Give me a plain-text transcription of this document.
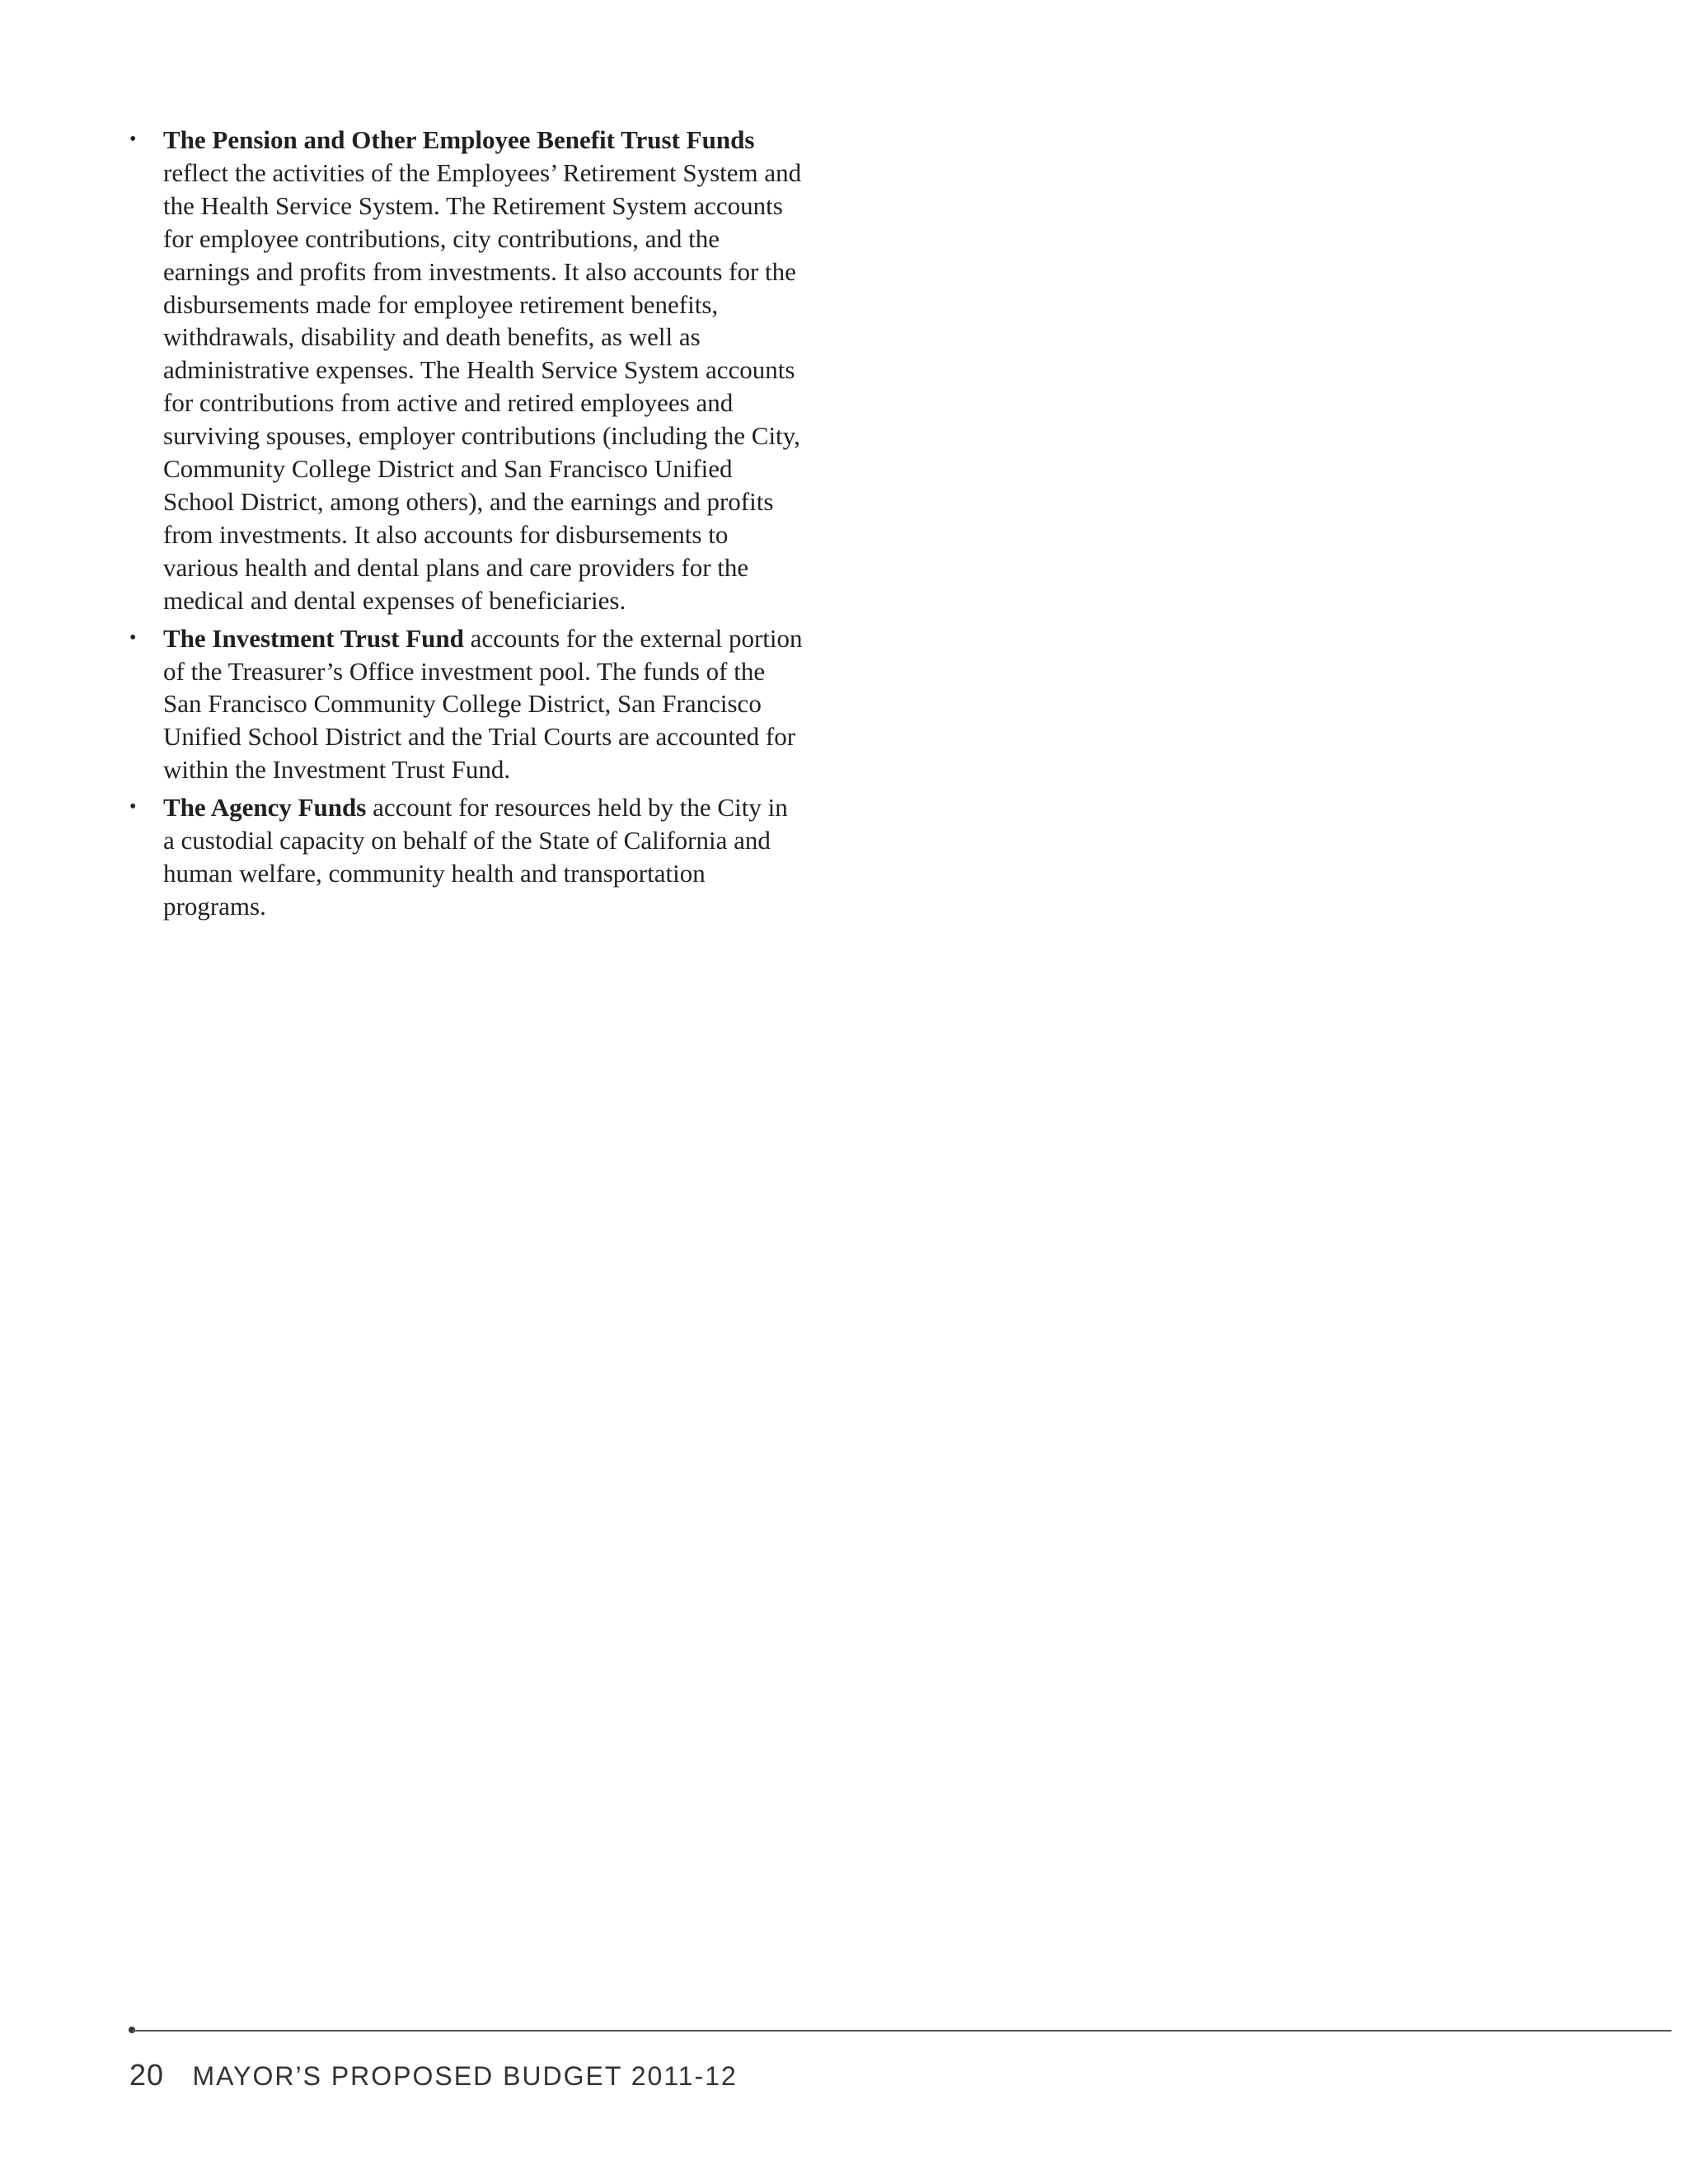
• The Pension and Other Employee Benefit Trust Funds reflect the activities of the Employees’ Retirement System and the Health Service System. The Retirement System accounts for employee contributions, city contributions, and the earnings and profits from investments. It also accounts for the disbursements made for employee retirement benefits, withdrawals, disability and death benefits, as well as administrative expenses. The Health Service System accounts for contributions from active and retired employees and surviving spouses, employer contributions (including the City, Community College District and San Francisco Unified School District, among others), and the earnings and profits from investments. It also accounts for disbursements to various health and dental plans and care providers for the medical and dental expenses of beneficiaries.
• The Investment Trust Fund accounts for the external portion of the Treasurer’s Office investment pool. The funds of the San Francisco Community College District, San Francisco Unified School District and the Trial Courts are accounted for within the Investment Trust Fund.
• The Agency Funds account for resources held by the City in a custodial capacity on behalf of the State of California and human welfare, community health and transportation programs.
20 MAYOR’S PROPOSED BUDGET 2011-12
